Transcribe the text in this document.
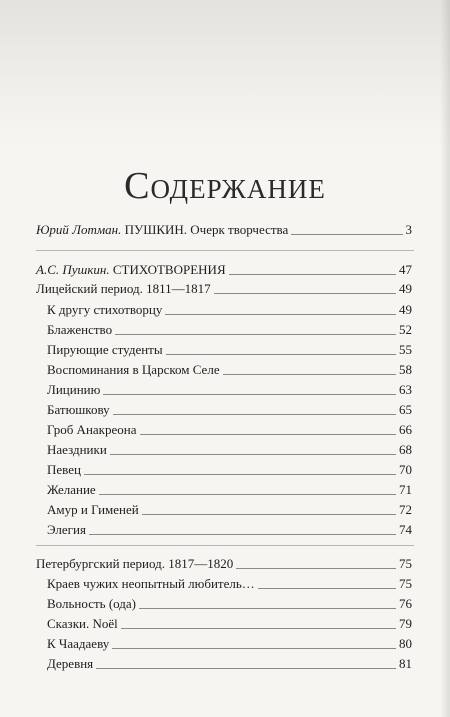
Содержание
Юрий Лотман. ПУШКИН. Очерк творчества	3
А.С. Пушкин. СТИХОТВОРЕНИЯ	47
Лицейский период. 1811—1817	49
К другу стихотворцу	49
Блаженство	52
Пирующие студенты	55
Воспоминания в Царском Селе	58
Лицинию	63
Батюшкову	65
Гроб Анакреона	66
Наездники	68
Певец	70
Желание	71
Амур и Гименей	72
Элегия	74
Петербургский период. 1817—1820	75
Краев чужих неопытный любитель…	75
Вольность (ода)	76
Сказки. Noël	79
К Чаадаеву	80
Деревня	81
